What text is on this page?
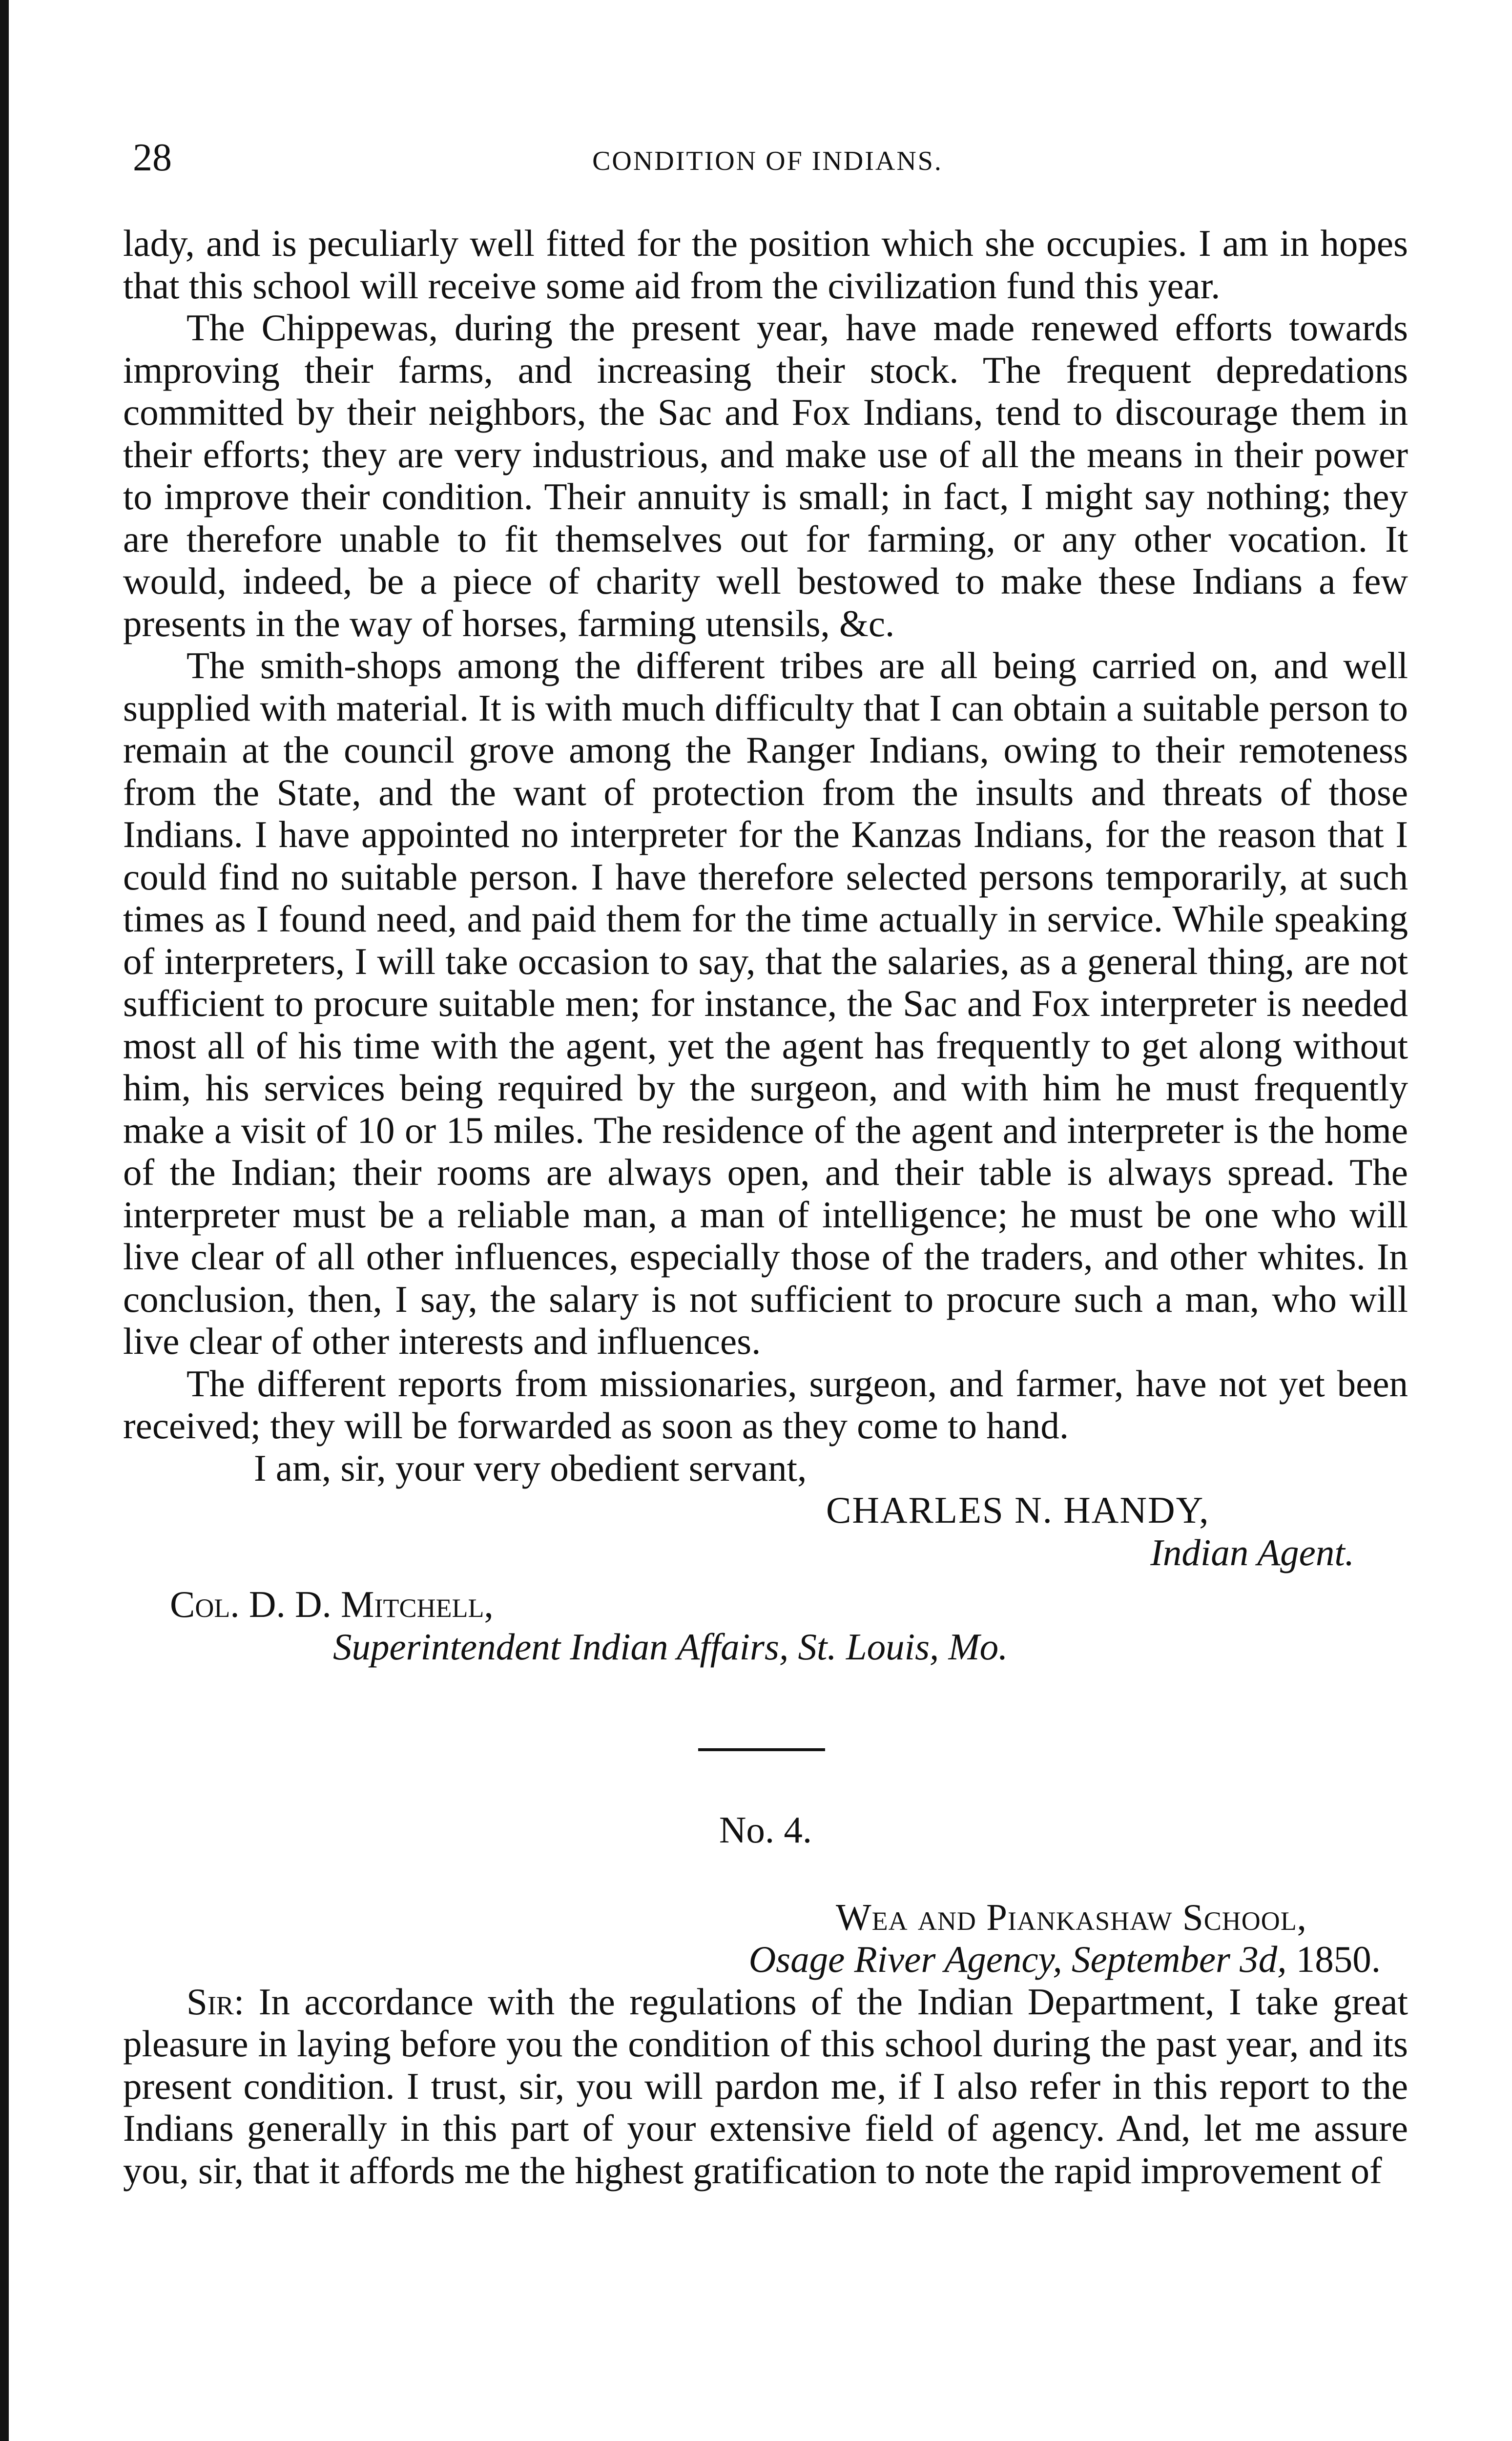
28	CONDITION OF INDIANS.

lady, and is peculiarly well fitted for the position which she occupies. I am in hopes that this school will receive some aid from the civilization fund this year.

The Chippewas, during the present year, have made renewed efforts towards improving their farms, and increasing their stock. The frequent depredations committed by their neighbors, the Sac and Fox Indians, tend to discourage them in their efforts; they are very industrious, and make use of all the means in their power to improve their condition. Their annuity is small; in fact, I might say nothing; they are therefore unable to fit themselves out for farming, or any other vocation. It would, indeed, be a piece of charity well bestowed to make these Indians a few presents in the way of horses, farming utensils, &c.

The smith-shops among the different tribes are all being carried on, and well supplied with material. It is with much difficulty that I can obtain a suitable person to remain at the council grove among the Ranger Indians, owing to their remoteness from the State, and the want of protection from the insults and threats of those Indians. I have appointed no interpreter for the Kanzas Indians, for the reason that I could find no suitable person. I have therefore selected persons temporarily, at such times as I found need, and paid them for the time actually in service. While speaking of interpreters, I will take occasion to say, that the salaries, as a general thing, are not sufficient to procure suitable men; for instance, the Sac and Fox interpreter is needed most all of his time with the agent, yet the agent has frequently to get along without him, his services being required by the surgeon, and with him he must frequently make a visit of 10 or 15 miles. The residence of the agent and interpreter is the home of the Indian; their rooms are always open, and their table is always spread. The interpreter must be a reliable man, a man of intelligence; he must be one who will live clear of all other influences, especially those of the traders, and other whites. In conclusion, then, I say, the salary is not sufficient to procure such a man, who will live clear of other interests and influences.

The different reports from missionaries, surgeon, and farmer, have not yet been received; they will be forwarded as soon as they come to hand.

I am, sir, your very obedient servant,

CHARLES N. HANDY,

Indian Agent.

Col. D. D. Mitchell,

Superintendent Indian Affairs, St. Louis, Mo.

No. 4.

Wea and Piankashaw School,

Osage River Agency, September 3d, 1850.

Sir: In accordance with the regulations of the Indian Department, I take great pleasure in laying before you the condition of this school during the past year, and its present condition. I trust, sir, you will pardon me, if I also refer in this report to the Indians generally in this part of your extensive field of agency. And, let me assure you, sir, that it affords me the highest gratification to note the rapid improvement of
